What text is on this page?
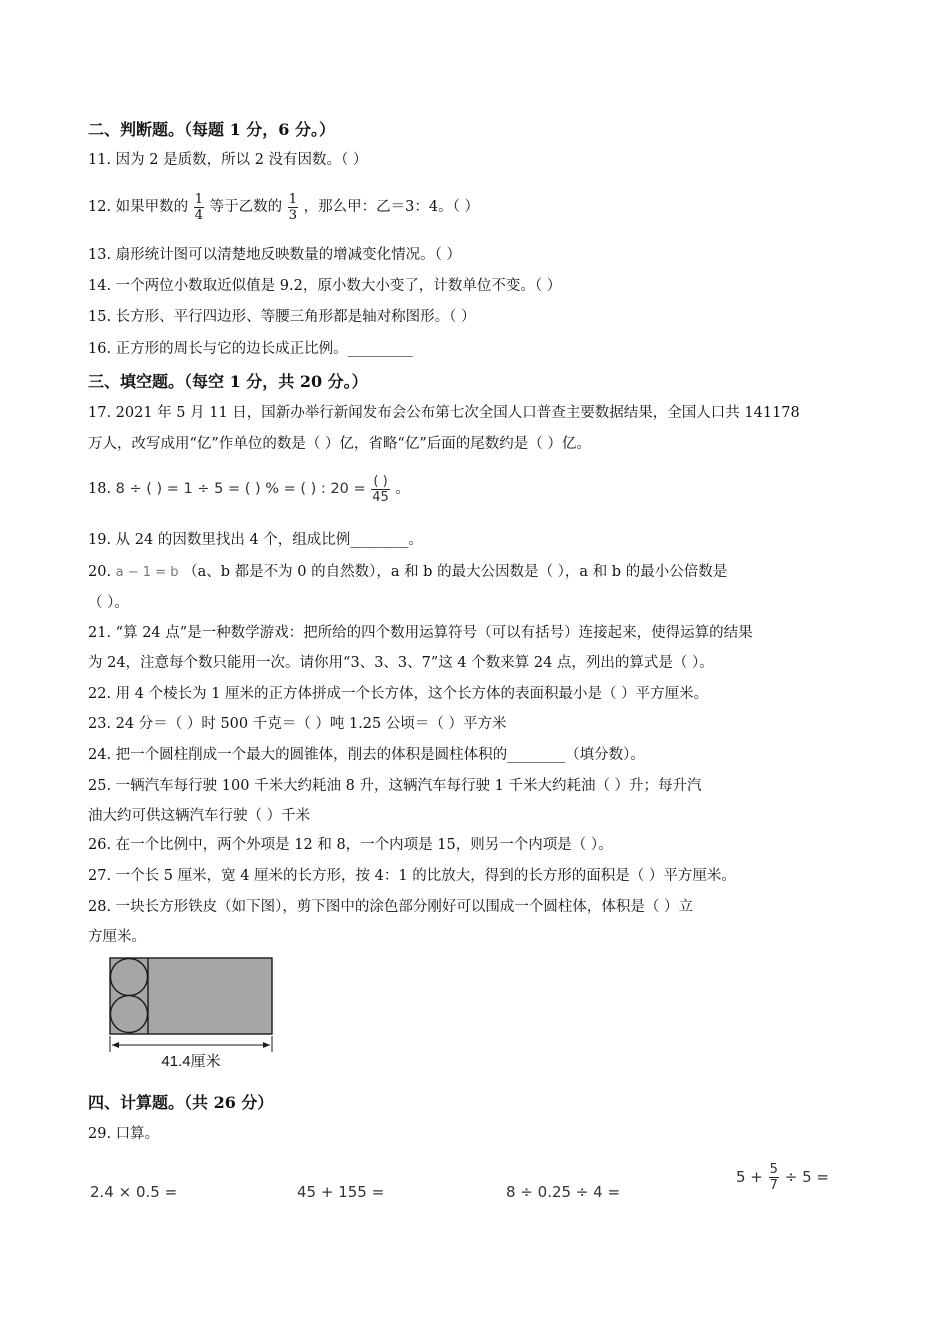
二、判断题。（每题 1 分，6 分。）
11. 因为 2 是质数，所以 2 没有因数。（ ）
12. 如果甲数的 $\frac{1}{4}$ 等于乙数的 $\frac{1}{3}$ ，那么甲：乙＝3：4。（ ）
13. 扇形统计图可以清楚地反映数量的增减变化情况。（ ）
14. 一个两位小数取近似值是 9.2，原小数大小变了，计数单位不变。（ ）
15. 长方形、平行四边形、等腰三角形都是轴对称图形。（ ）
16. 正方形的周长与它的边长成正比例。_________
三、填空题。（每空 1 分，共 20 分。）
17. 2021 年 5 月 11 日，国新办举行新闻发布会公布第七次全国人口普查主要数据结果，全国人口共 141178
万人，改写成用“亿”作单位的数是（ ）亿，省略“亿”后面的尾数约是（ ）亿。
18. 8 ÷ ( ) = 1 ÷ 5 = ( ) % = ( ) : $20 = \frac{( )}{45}$ 。
19. 从 24 的因数里找出 4 个，组成比例________。
20. a − 1 = b （a、b 都是不为 0 的自然数），a 和 b 的最大公因数是（ ），a 和 b 的最小公倍数是
（ ）。
21. “算 24 点”是一种数学游戏：把所给的四个数用运算符号（可以有括号）连接起来，使得运算的结果
为 24，注意每个数只能用一次。请你用“3、3、3、7”这 4 个数来算 24 点，列出的算式是（ ）。
22. 用 4 个棱长为 1 厘米的正方体拼成一个长方体，这个长方体的表面积最小是（ ）平方厘米。
23. 24 分＝（ ）时 500 千克＝（ ）吨 1.25 公顷＝（ ）平方米
24. 把一个圆柱削成一个最大的圆锥体，削去的体积是圆柱体积的________（填分数）。
25. 一辆汽车每行驶 100 千米大约耗油 8 升，这辆汽车每行驶 1 千米大约耗油（ ）升；每升汽
油大约可供这辆汽车行驶（ ）千米
26. 在一个比例中，两个外项是 12 和 8，一个内项是 15，则另一个内项是（ ）。
27. 一个长 5 厘米，宽 4 厘米的长方形，按 4：1 的比放大，得到的长方形的面积是（ ）平方厘米。
28. 一块长方形铁皮（如下图），剪下图中的涂色部分刚好可以围成一个圆柱体，体积是（ ）立
方厘米。
41.4厘米
四、计算题。（共 26 分）
29. 口算。
2.4 × 0.5 =	45 + 155 =	8 ÷ 0.25 ÷ 4 =
$5 + \frac{5}{7} \div 5$ =
